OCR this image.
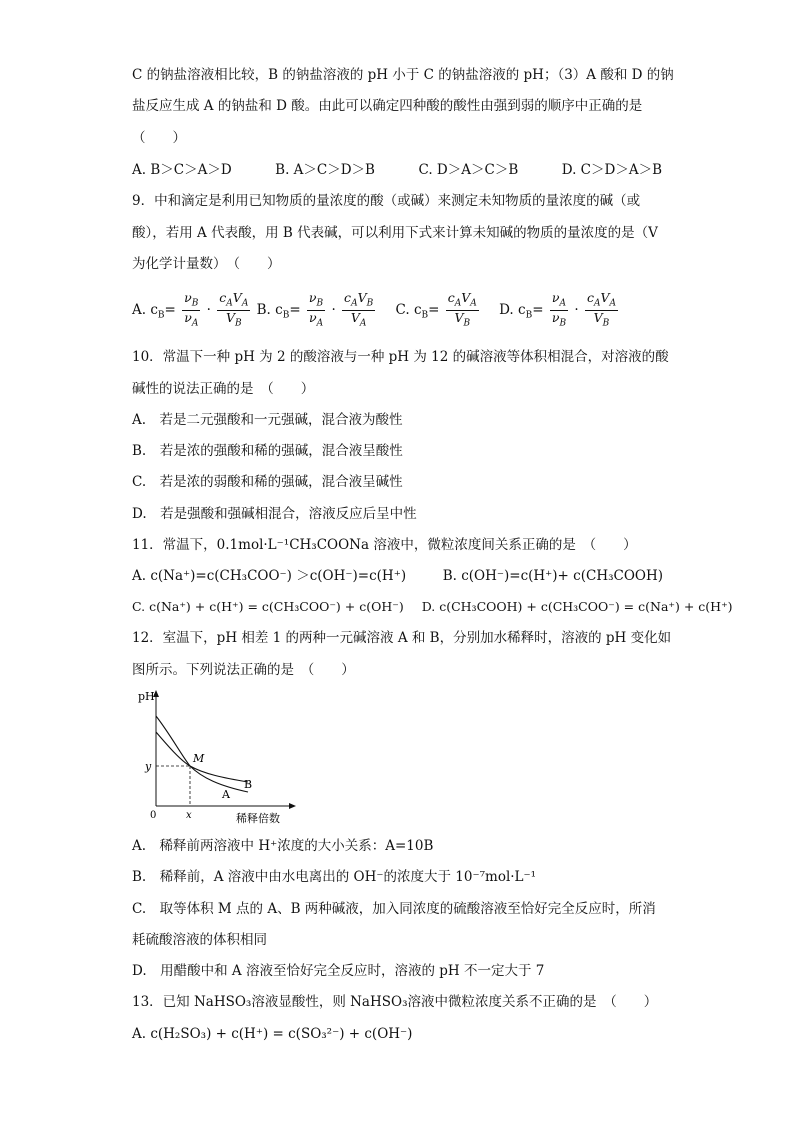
C 的钠盐溶液相比较，B 的钠盐溶液的 pH 小于 C 的钠盐溶液的 pH；（3）A 酸和 D 的钠
盐反应生成 A 的钠盐和 D 酸。由此可以确定四种酸的酸性由强到弱的顺序中正确的是
（　　）
A. B＞C＞A＞D	B. A＞C＞D＞B	C. D＞A＞C＞B	D. C＞D＞A＞B
9．中和滴定是利用已知物质的量浓度的酸（或碱）来测定未知物质的量浓度的碱（或
酸），若用 A 代表酸，用 B 代表碱，可以利用下式来计算未知碱的物质的量浓度的是（V
为化学计量数）　（　　）
A. $c_B= \frac{\nu_B}{\nu_A} \cdot \frac{c_AV_A}{V_B} B$. $c_B= \frac{\nu_B}{\nu_A} \cdot \frac{c_AV_B}{V_A} C$. $c_B= \frac{c_AV_A}{V_B} D$. $c_B= \frac{\nu_A}{\nu_B} \cdot \frac{c_AV_A}{V_B}$
10．常温下一种 pH 为 2 的酸溶液与一种 pH 为 12 的碱溶液等体积相混合，对溶液的酸
碱性的说法正确的是　（　　）
A.　若是二元强酸和一元强碱，混合液为酸性
B.　若是浓的强酸和稀的强碱，混合液呈酸性
C.　若是浓的弱酸和稀的强碱，混合液呈碱性
D.　若是强酸和强碱相混合，溶液反应后呈中性
11．常温下，0.1mol·L⁻¹CH₃COONa 溶液中，微粒浓度间关系正确的是　（　　）
A. c(Na⁺)=c(CH₃COO⁻) ＞c(OH⁻)=c(H⁺)	B. c(OH⁻)=c(H⁺)+ c(CH₃COOH)
C. c(Na⁺) + c(H⁺) = c(CH₃COO⁻) + c(OH⁻) D. c(CH₃COOH) + c(CH₃COO⁻) = c(Na⁺) + c(H⁺)
12．室温下，pH 相差 1 的两种一元碱溶液 A 和 B，分别加水稀释时，溶液的 pH 变化如
图所示。下列说法正确的是　（　　）
pH
y
M
0	x	稀释倍数
A
B
A.　稀释前两溶液中 H⁺浓度的大小关系：A=10B
B.　稀释前，A 溶液中由水电离出的 OH⁻的浓度大于 10⁻⁷mol·L⁻¹
C.　取等体积 M 点的 A、B 两种碱液，加入同浓度的硫酸溶液至恰好完全反应时，所消
耗硫酸溶液的体积相同
D.　用醋酸中和 A 溶液至恰好完全反应时，溶液的 pH 不一定大于 7
13．已知 NaHSO₃溶液显酸性，则 NaHSO₃溶液中微粒浓度关系不正确的是　（　　）
A. c(H₂SO₃) + c(H⁺) = c(SO₃²⁻) + c(OH⁻)
